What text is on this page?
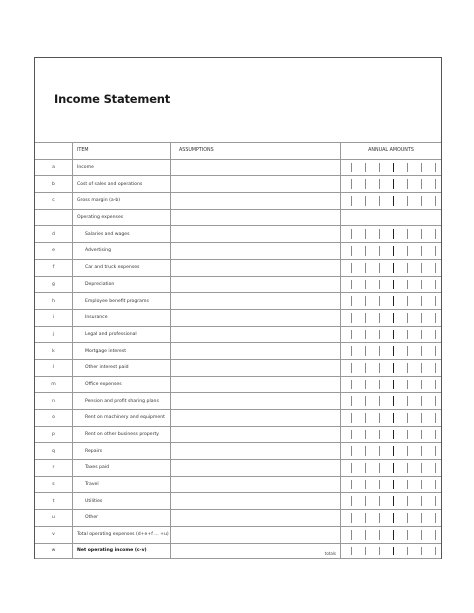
Income Statement
ITEM	ASSUMPTIONS	ANNUAL AMOUNTS
a	Income
b	Cost of sales and operations
c	Gross margin (a-b)
Operating expenses
d	Salaries and wages
e	Advertising
f	Car and truck expenses
g	Depreciation
h	Employee benefit programs
i	Insurance
j	Legal and professional
k	Mortgage interest
l	Other interest paid
m	Office expenses
n	Pension and profit sharing plans
o	Rent on machinery and equipment
p	Rent on other business property
q	Repairs
r	Taxes paid
s	Travel
t	Utilities
u	Other
v	Total operating expenses (d+e+f ... +u)
w	Net operating income (c-v)
totals
